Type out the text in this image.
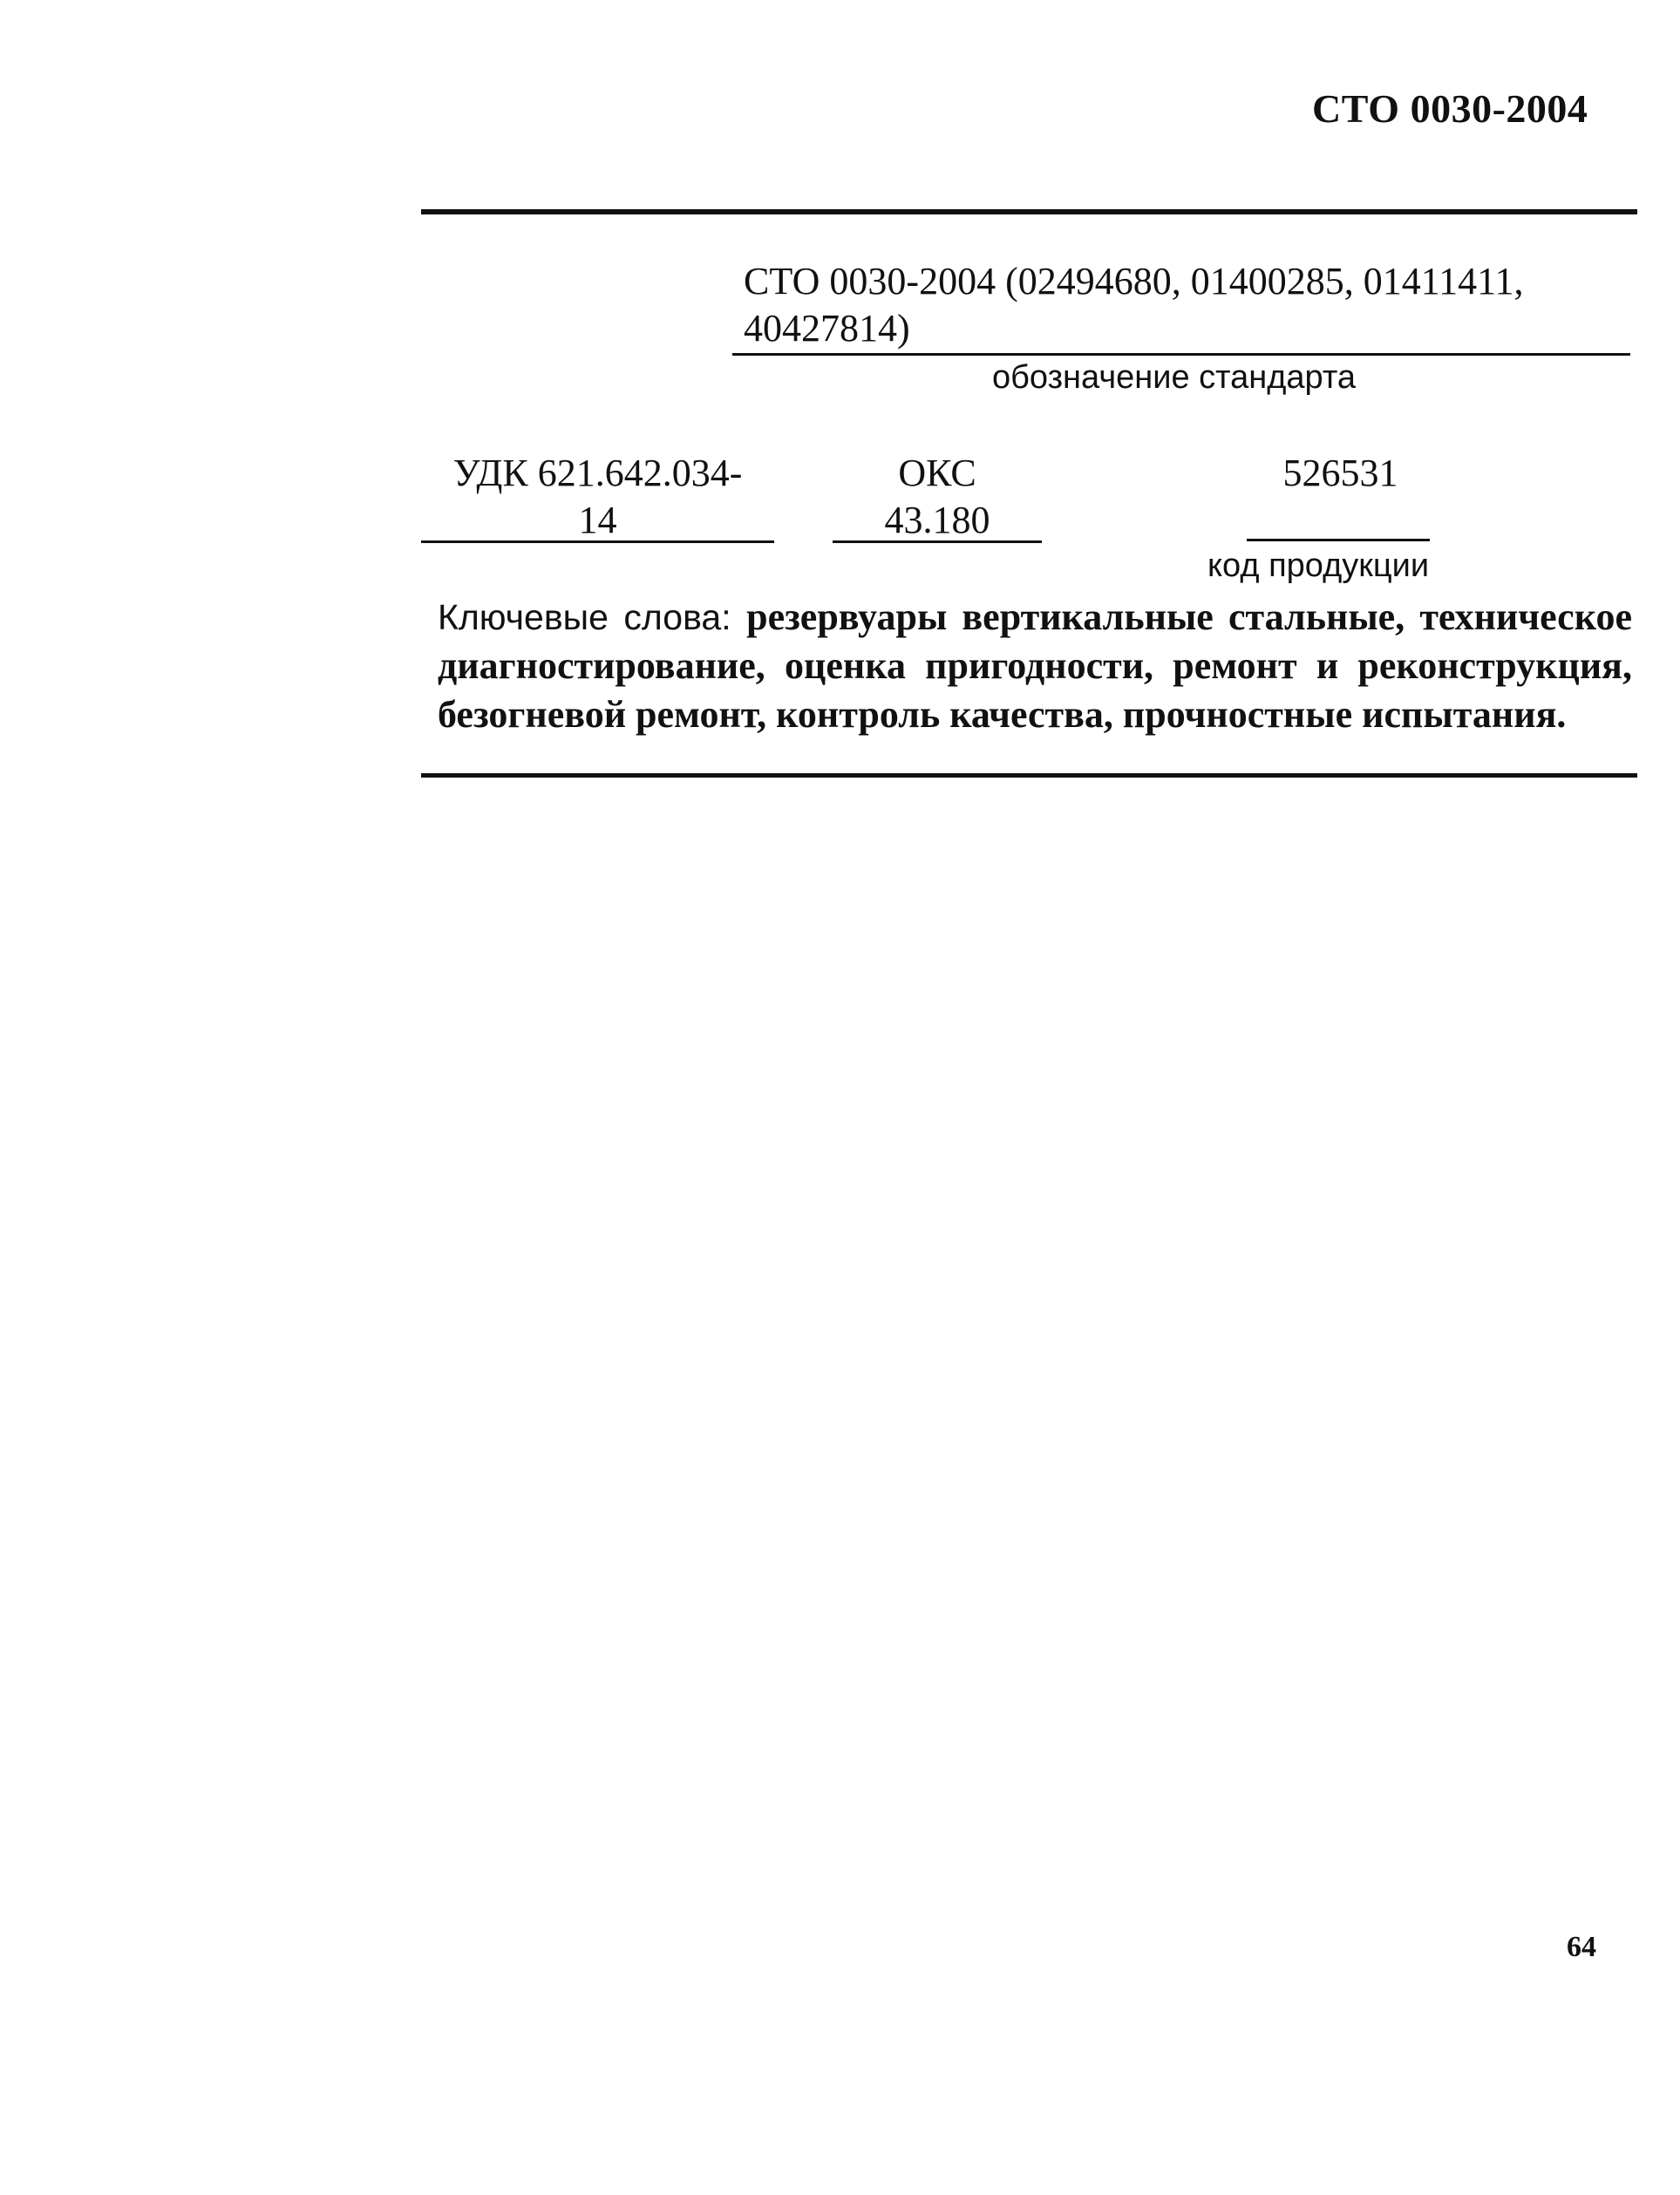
СТО 0030-2004
СТО 0030-2004 (02494680, 01400285, 01411411,
40427814)
обозначение стандарта
УДК 621.642.034-
14
ОКС
43.180
526531
код продукции
Ключевые слова: резервуары вертикальные стальные, техническое диагностирование, оценка пригодности, ремонт и реконструкция, безогневой ремонт, контроль качества, прочностные испытания.
64
